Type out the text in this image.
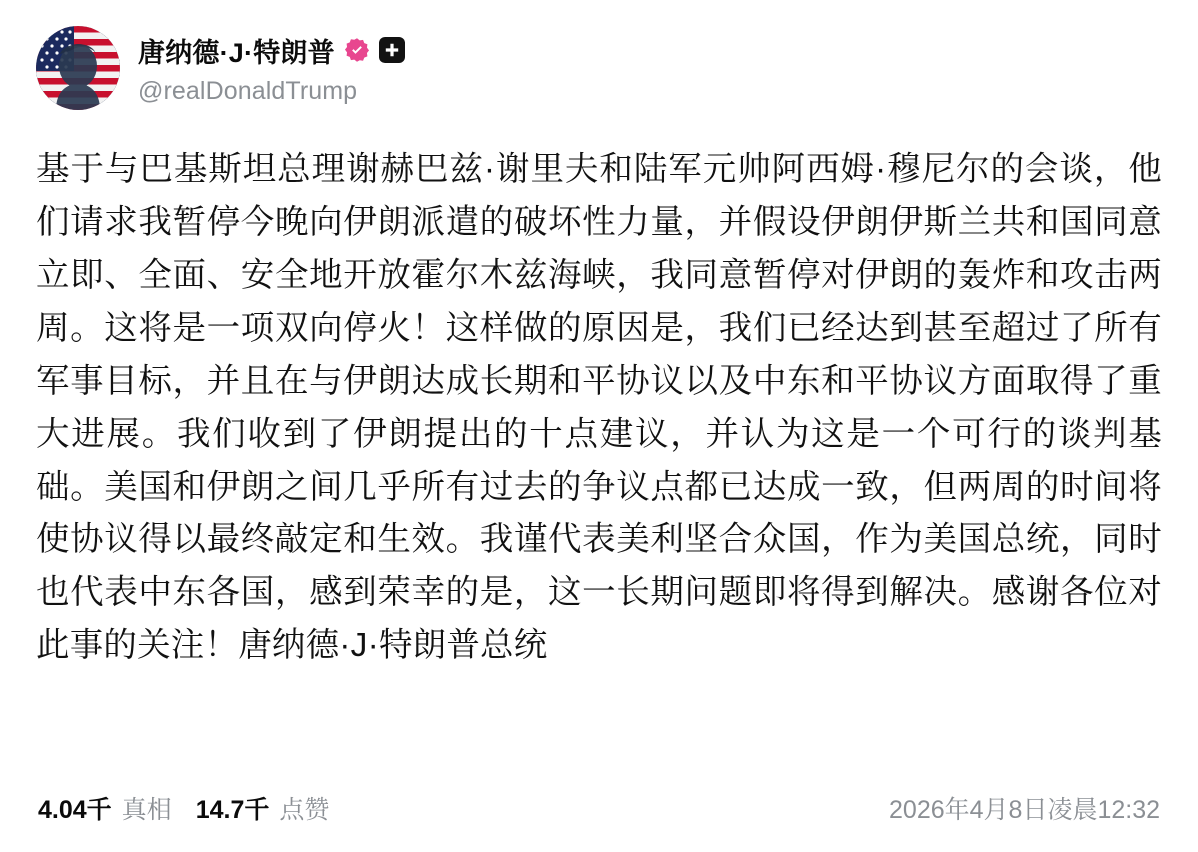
唐纳德·J·特朗普
@realDonaldTrump
基于与巴基斯坦总理谢赫巴兹·谢里夫和陆军元帅阿西姆·穆尼尔的会谈，他们请求我暂停今晚向伊朗派遣的破坏性力量，并假设伊朗伊斯兰共和国同意立即、全面、安全地开放霍尔木兹海峡，我同意暂停对伊朗的轰炸和攻击两周。这将是一项双向停火！这样做的原因是，我们已经达到甚至超过了所有军事目标，并且在与伊朗达成长期和平协议以及中东和平协议方面取得了重大进展。我们收到了伊朗提出的十点建议，并认为这是一个可行的谈判基础。美国和伊朗之间几乎所有过去的争议点都已达成一致，但两周的时间将使协议得以最终敲定和生效。我谨代表美利坚合众国，作为美国总统，同时也代表中东各国，感到荣幸的是，这一长期问题即将得到解决。感谢各位对此事的关注！唐纳德·J·特朗普总统
4.04千 真相 14.7千 点赞	2026年4月8日凌晨12:32
